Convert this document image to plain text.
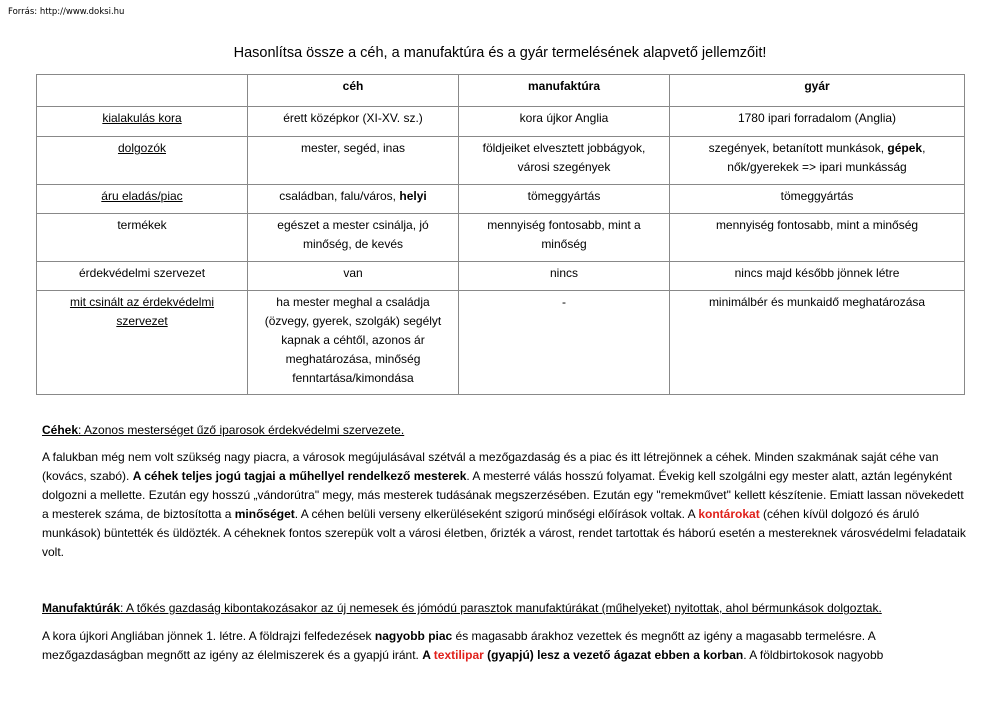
Forrás: http://www.doksi.hu
Hasonlítsa össze a céh, a manufaktúra és a gyár termelésének alapvető jellemzőit!
	céh	manufaktúra	gyár
kialakulás kora	érett középkor (XI-XV. sz.)	kora újkor Anglia	1780 ipari forradalom (Anglia)
dolgozók	mester, segéd, inas	földjeiket elvesztett jobbágyok, városi szegények	szegények, betanított munkások, gépek, nők/gyerekek => ipari munkásság
áru eladás/piac	családban, falu/város, helyi	tömeggyártás	tömeggyártás
termékek	egészet a mester csinálja, jó minőség, de kevés	mennyiség fontosabb, mint a minőség	mennyiség fontosabb, mint a minőség
érdekvédelmi szervezet	van	nincs	nincs majd később jönnek létre
mit csinált az érdekvédelmi szervezet	ha mester meghal a családja (özvegy, gyerek, szolgák) segélyt kapnak a céhtől, azonos ár meghatározása, minőség fenntartása/kimondása	-	minimálbér és munkaidő meghatározása
Céhek: Azonos mesterséget űző iparosok érdekvédelmi szervezete.
A falukban még nem volt szükség nagy piacra, a városok megújulásával szétvál a mezőgazdaság és a piac és itt létrejönnek a céhek. Minden szakmának saját céhe van (kovács, szabó). A céhek teljes jogú tagjai a műhellyel rendelkező mesterek. A mesterré válás hosszú folyamat. Évekig kell szolgálni egy mester alatt, aztán legényként dolgozni a mellette. Ezután egy hosszú „vándorútra" megy, más mesterek tudásának megszerzésében. Ezután egy "remekművet" kellett készítenie. Emiatt lassan növekedett a mesterek száma, de biztosította a minőséget. A céhen belüli verseny elkerüléseként szigorú minőségi előírások voltak. A kontárokat (céhen kívül dolgozó és áruló munkások) büntették és üldözték. A céheknek fontos szerepük volt a városi életben, őrizték a várost, rendet tartottak és háború esetén a mestereknek városvédelmi feladataik volt.
Manufaktúrák: A tőkés gazdaság kibontakozásakor az új nemesek és jómódú parasztok manufaktúrákat (műhelyeket) nyitottak, ahol bérmunkások dolgoztak.
A kora újkori Angliában jönnek 1. létre. A földrajzi felfedezések nagyobb piac és magasabb árakhoz vezettek és megnőtt az igény a magasabb termelésre. A mezőgazdaságban megnőtt az igény az élelmiszerek és a gyapjú iránt. A textilipar (gyapjú) lesz a vezető ágazat ebben a korban. A földbirtokosok nagyobb
